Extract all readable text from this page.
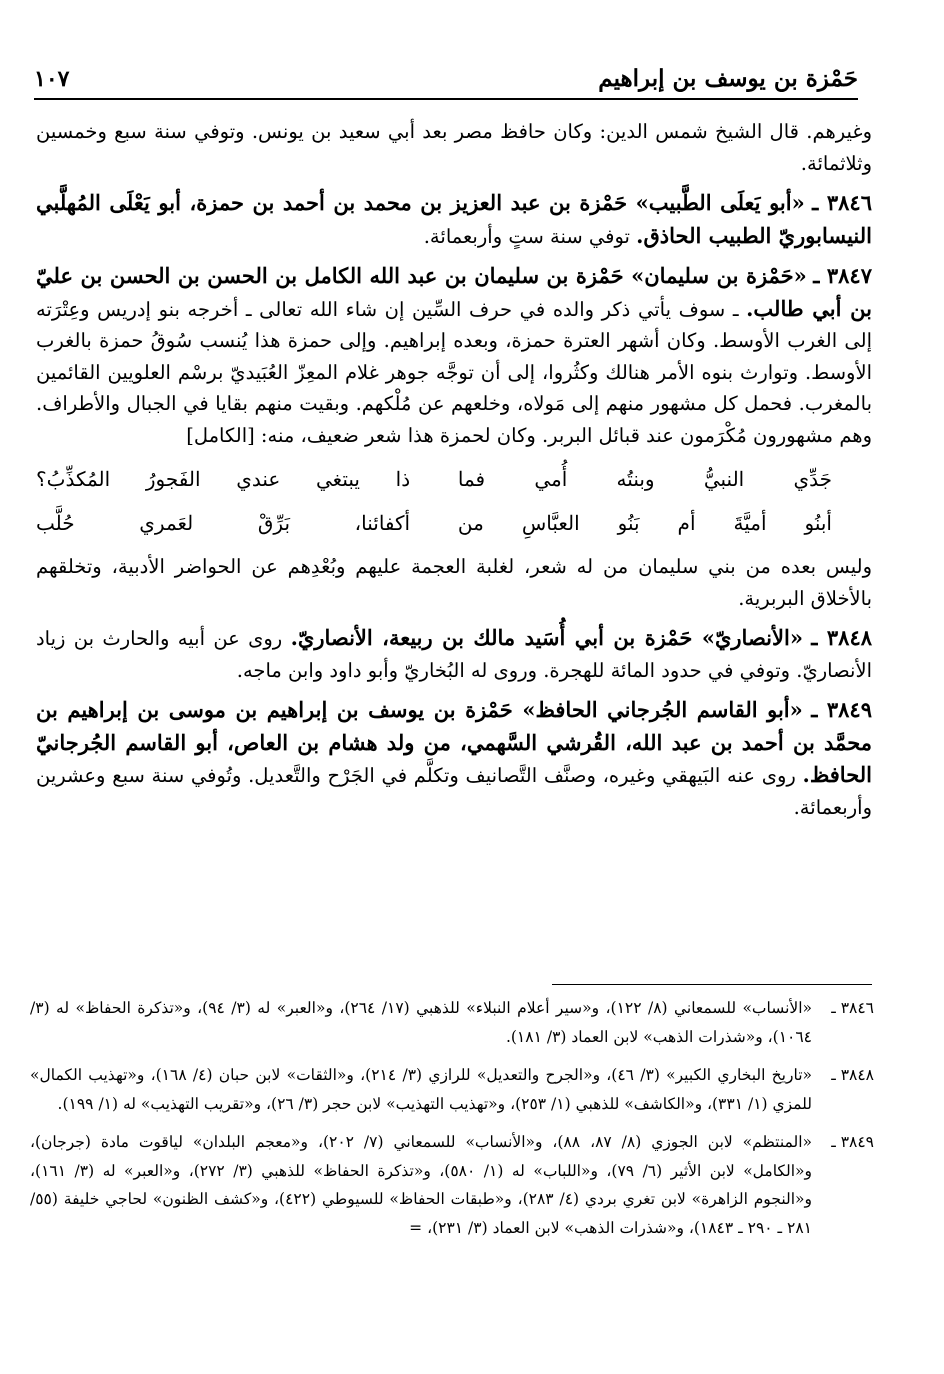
حَمْزة بن يوسف بن إبراهيم
١٠٧

وغيرهم. قال الشيخ شمس الدين: وكان حافظ مصر بعد أبي سعيد بن يونس. وتوفي سنة سبع وخمسين وثلاثمائة.

٣٨٤٦ ـ «أبو يَعلَى الطَّبيب» حَمْزة بن عبد العزيز بن محمد بن أحمد بن حمزة، أبو يَعْلَى المُهلَّبي النيسابوريّ الطبيب الحاذق. توفي سنة ستٍ وأربعمائة.

٣٨٤٧ ـ «حَمْزة بن سليمان» حَمْزة بن سليمان بن عبد الله الكامل بن الحسن بن الحسن بن عليّ بن أبي طالب. ـ سوف يأتي ذكر والده في حرف السِّين إن شاء الله تعالى ـ أخرجه بنو إدريس وعِتْرَته إلى الغرب الأوسط. وكان أشهر العترة حمزة، وبعده إبراهيم. وإلى حمزة هذا يُنسب سُوقُ حمزة بالغرب الأوسط. وتوارث بنوه الأمر هنالك وكثُروا، إلى أن توجَّه جوهر غلام المعِزّ العُبَيديّ برسْم العلويين القائمين بالمغرب. فحمل كل مشهور منهم إلى مَولاه، وخلعهم عن مُلْكهم. وبقيت منهم بقايا في الجبال والأطراف. وهم مشهورون مُكْرَمون عند قبائل البربر. وكان لحمزة هذا شعر ضعيف، منه: [الكامل]

جَدِّي النبيُّ وبنتُه أُمي فما
ذا يبتغي عندي الفَجورُ المُكذِّبُ؟
أبنُو أميَّةَ أم بَنُو العبَّاسِ من
أكفائنا، بَرِّقْ لعَمري حُلَّب

وليس بعده من بني سليمان من له شعر، لغلبة العجمة عليهم وبُعْدِهم عن الحواضر الأدبية، وتخلقهم بالأخلاق البربرية.

٣٨٤٨ ـ «الأنصاريّ» حَمْزة بن أبي أُسَيد مالك بن ربيعة، الأنصاريّ. روى عن أبيه والحارث بن زياد الأنصاريّ. وتوفي في حدود المائة للهجرة. وروى له البُخاريّ وأبو داود وابن ماجه.

٣٨٤٩ ـ «أبو القاسم الجُرجاني الحافظ» حَمْزة بن يوسف بن إبراهيم بن موسى بن إبراهيم بن محمَّد بن أحمد بن عبد الله، القُرشي السَّهمي، من ولد هشام بن العاص، أبو القاسم الجُرجانيّ الحافظ. روى عنه البَيهقي وغيره، وصنَّف التَّصانيف وتكلَّم في الجَرْح والتَّعديل. وتُوفي سنة سبع وعشرين وأربعمائة.

٣٨٤٦ ـ
«الأنساب» للسمعاني (٨/ ١٢٢)، و«سير أعلام النبلاء» للذهبي (١٧/ ٢٦٤)، و«العبر» له (٣/ ٩٤)، و«تذكرة الحفاظ» له (٣/ ١٠٦٤)، و«شذرات الذهب» لابن العماد (٣/ ١٨١).
٣٨٤٨ ـ
«تاريخ البخاري الكبير» (٣/ ٤٦)، و«الجرح والتعديل» للرازي (٣/ ٢١٤)، و«الثقات» لابن حبان (٤/ ١٦٨)، و«تهذيب الكمال» للمزي (١/ ٣٣١)، و«الكاشف» للذهبي (١/ ٢٥٣)، و«تهذيب التهذيب» لابن حجر (٣/ ٢٦)، و«تقريب التهذيب» له (١/ ١٩٩).
٣٨٤٩ ـ
«المنتظم» لابن الجوزي (٨/ ٨٧، ٨٨)، و«الأنساب» للسمعاني (٧/ ٢٠٢)، و«معجم البلدان» لياقوت مادة (جرجان)، و«الكامل» لابن الأثير (٦/ ٧٩)، و«اللباب» له (١/ ٥٨٠)، و«تذكرة الحفاظ» للذهبي (٣/ ٢٧٢)، و«العبر» له (٣/ ١٦١)، و«النجوم الزاهرة» لابن تغري بردي (٤/ ٢٨٣)، و«طبقات الحفاظ» للسيوطي (٤٢٢)، و«كشف الظنون» لحاجي خليفة (٥٥/ ٢٨١ ـ ٢٩٠ ـ ١٨٤٣)، و«شذرات الذهب» لابن العماد (٣/ ٢٣١)، =
